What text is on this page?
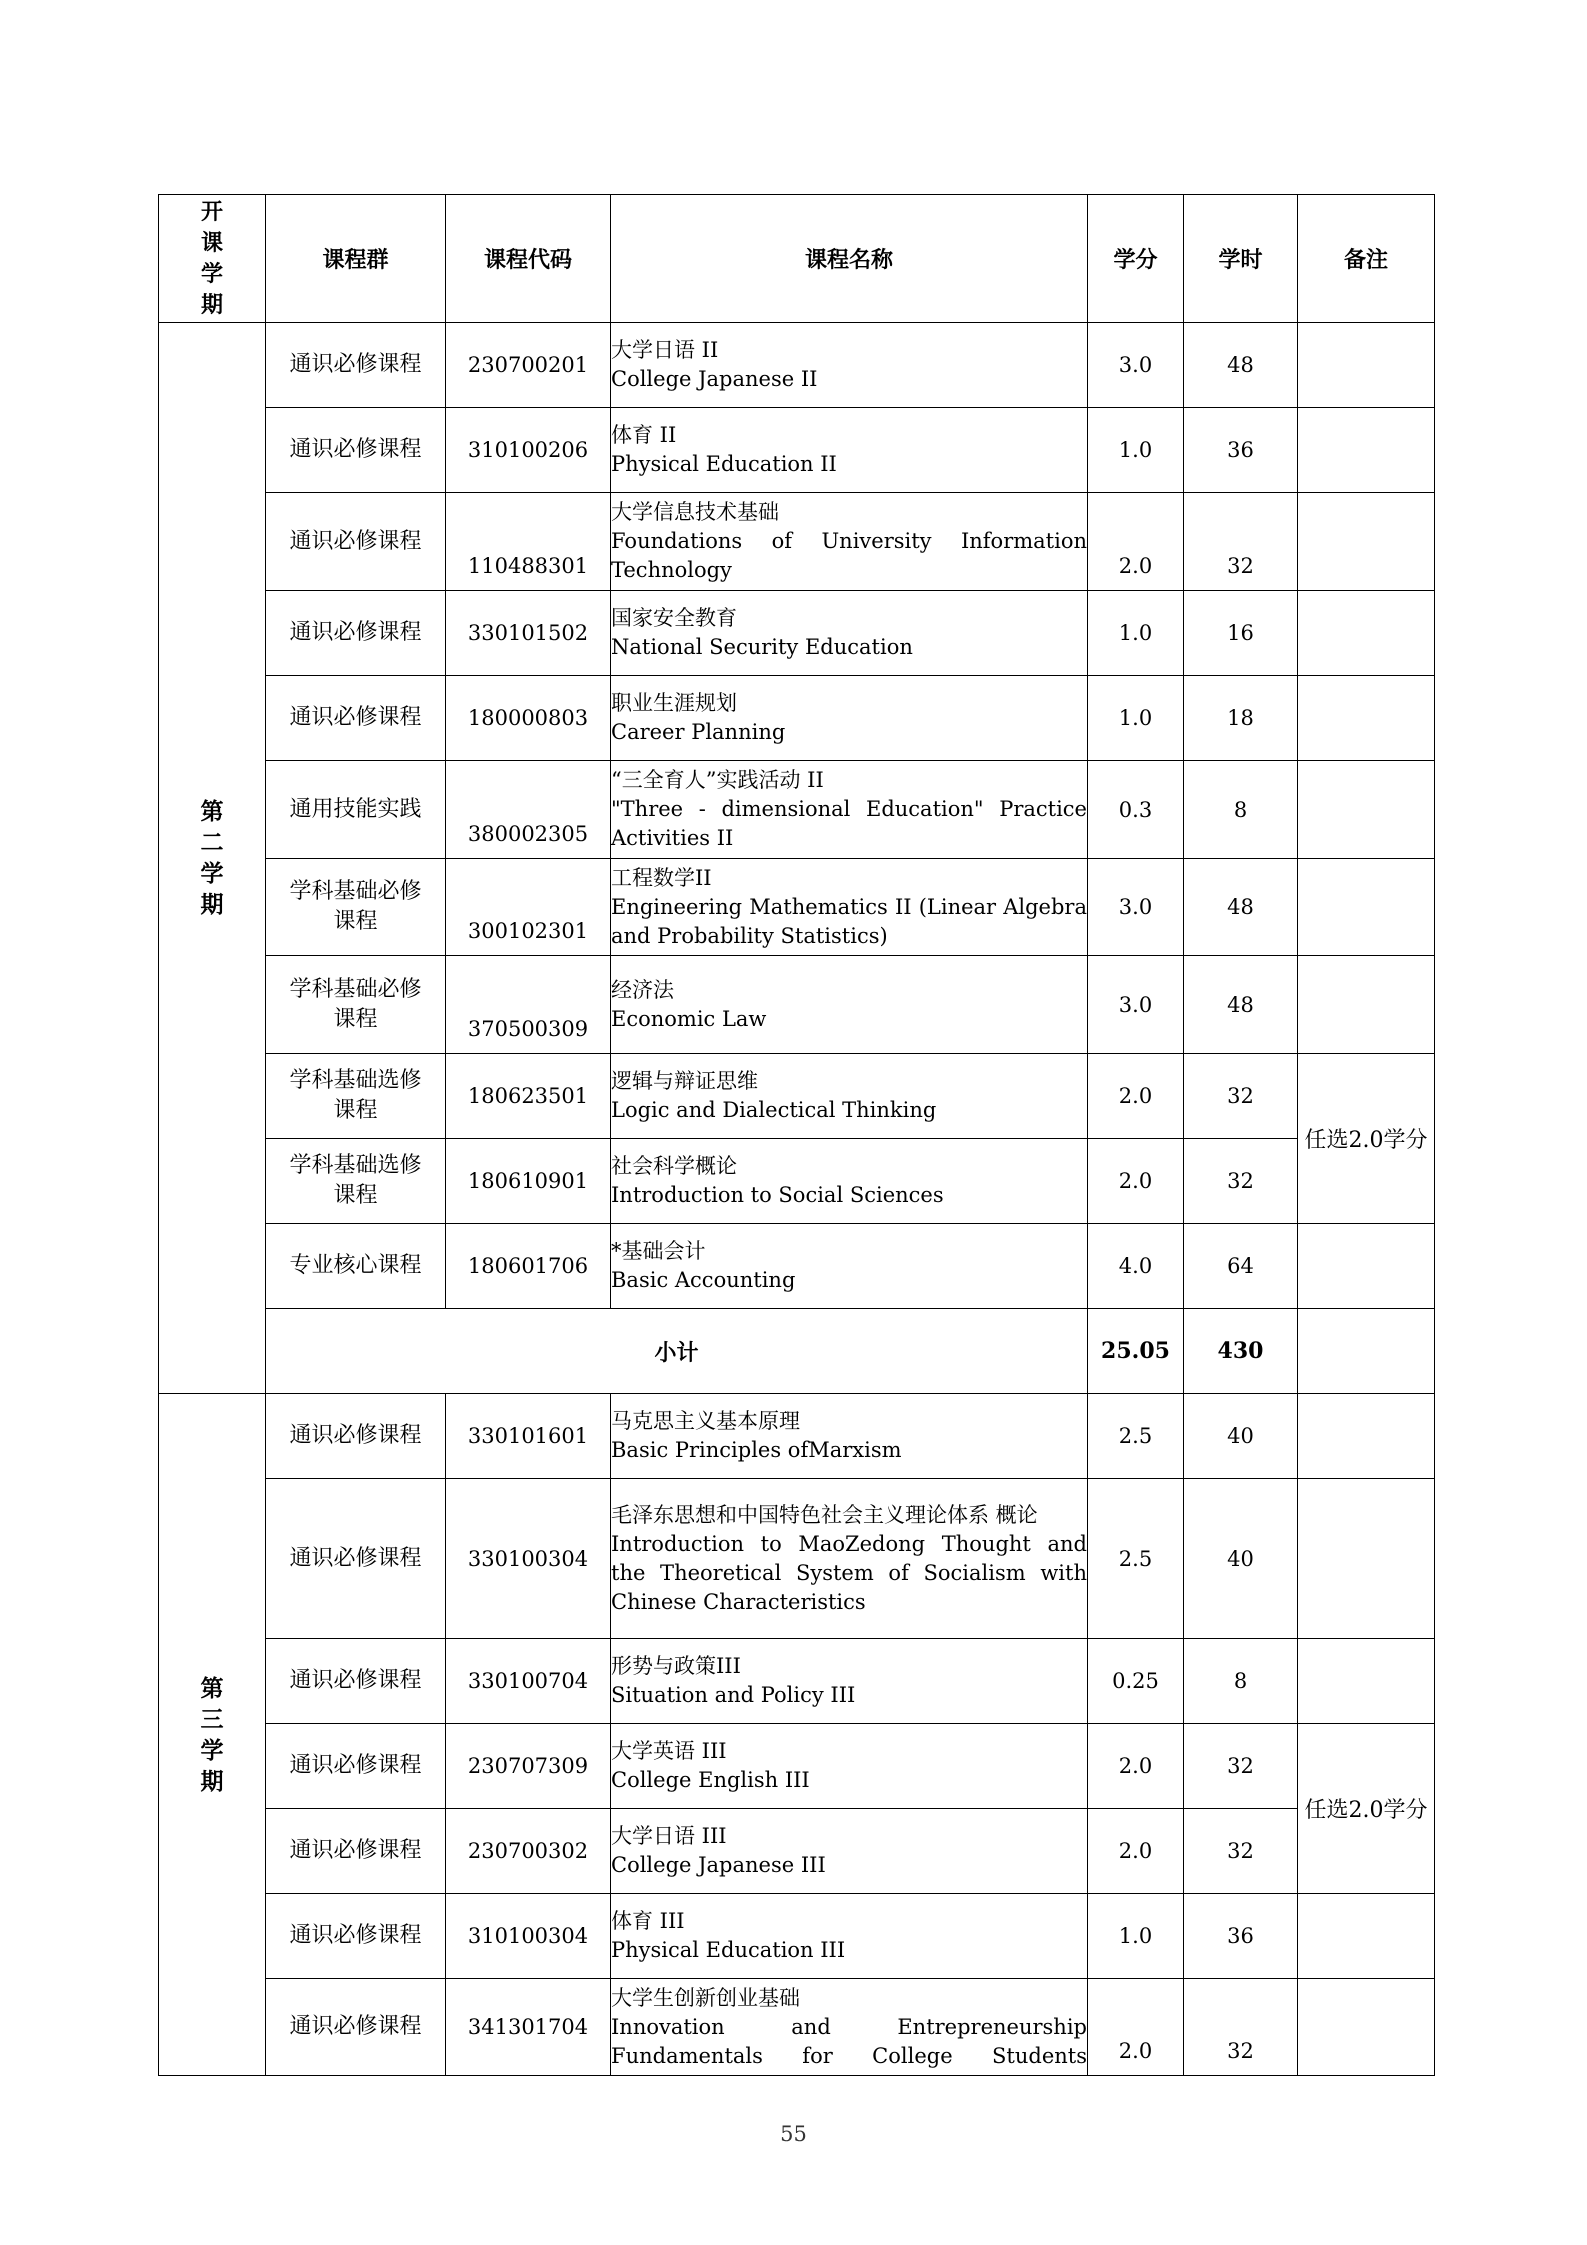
开课学期	课程群	课程代码	课程名称	学分	学时	备注
第二学期	通识必修课程	230700201	大学日语 II
College Japanese II	3.0	48	
	通识必修课程	310100206	体育 II
Physical Education II	1.0	36	
	通识必修课程	110488301	大学信息技术基础
Foundations of University Information Technology	2.0	32	
	通识必修课程	330101502	国家安全教育
National Security Education	1.0	16	
	通识必修课程	180000803	职业生涯规划
Career Planning	1.0	18	
	通用技能实践	380002305	“三全育人”实践活动 II
"Three - dimensional Education" Practice Activities II	0.3	8	
	学科基础必修课程	300102301	工程数学II
Engineering Mathematics II (Linear Algebra and Probability Statistics)	3.0	48	
	学科基础必修课程	370500309	经济法
Economic Law	3.0	48	
	学科基础选修课程	180623501	逻辑与辩证思维
Logic and Dialectical Thinking	2.0	32	任选2.0学分
	学科基础选修课程	180610901	社会科学概论
Introduction to Social Sciences	2.0	32	
	专业核心课程	180601706	*基础会计
Basic Accounting	4.0	64	
	小计			25.05	430	
第三学期	通识必修课程	330101601	马克思主义基本原理
Basic Principles ofMarxism	2.5	40	
	通识必修课程	330100304	毛泽东思想和中国特色社会主义理论体系 概论
Introduction to MaoZedong Thought and the Theoretical System of Socialism with Chinese Characteristics	2.5	40	
	通识必修课程	330100704	形势与政策III
Situation and Policy III	0.25	8	
	通识必修课程	230707309	大学英语 III
College English III	2.0	32	任选2.0学分
	通识必修课程	230700302	大学日语 III
College Japanese III	2.0	32	
	通识必修课程	310100304	体育 III
Physical Education III	1.0	36	
	通识必修课程	341301704	大学生创新创业基础
Innovation and Entrepreneurship Fundamentals for College Students	2.0	32	
55
